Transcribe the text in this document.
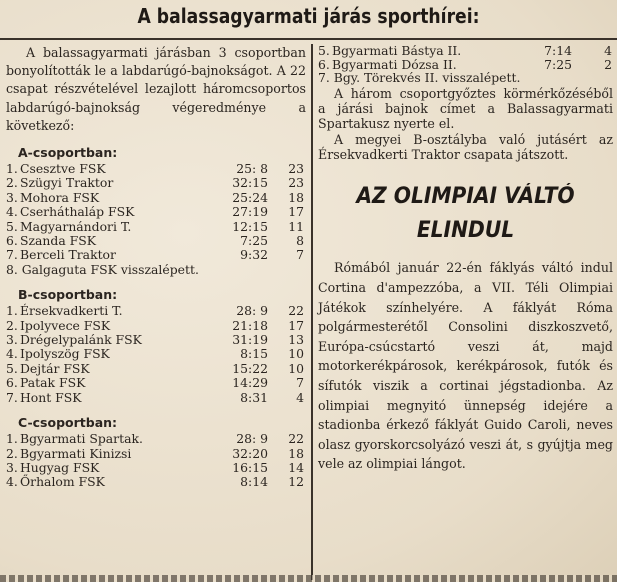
A balassagyarmati járás sporthírei:

A balassagyarmati járásban 3 csoportban bonyolították le a labdarúgó-bajnokságot. A 22 csapat részvételével lezajlott háromcsoportos labdarúgó-bajnokság végeredménye a következő:

A-csoportban:
1.	Csesztve FSK	25: 8	23
2.	Szügyi Traktor	32:15	23
3.	Mohora FSK	25:24	18
4.	Cserháthaláp FSK	27:19	17
5.	Magyarnándori T.	12:15	11
6.	Szanda FSK	7:25	8
7.	Berceli Traktor	9:32	7
8. Galgaguta FSK visszalépett.
B-csoportban:
1.	Érsekvadkerti T.	28: 9	22
2.	Ipolyvece FSK	21:18	17
3.	Drégelypalánk FSK	31:19	13
4.	Ipolyszög FSK	8:15	10
5.	Dejtár FSK	15:22	10
6.	Patak FSK	14:29	7
7.	Hont FSK	8:31	4
C-csoportban:
1.	Bgyarmati Spartak.	28: 9	22
2.	Bgyarmati Kinizsi	32:20	18
3.	Hugyag FSK	16:15	14
4.	Őrhalom FSK	8:14	12
5.	Bgyarmati Bástya II.	7:14	4
6.	Bgyarmati Dózsa II.	7:25	2
7. Bgy. Törekvés II. visszalépett.

A három csoportgyőztes körmérkőzéséből a járási bajnok címet a Balassagyarmati Spartakusz nyerte el.

A megyei B-osztályba való jutásért az Érsekvadkerti Traktor csapata játszott.

AZ OLIMPIAI VÁLTÓ
ELINDUL

Rómából január 22-én fáklyás váltó indul Cortina d'ampezzóba, a VII. Téli Olimpiai Játékok színhelyére. A fáklyát Róma polgármesterétől Consolini diszkoszvető, Európa-csúcstartó veszi át, majd motorkerékpárosok, kerékpárosok, futók és sífutók viszik a cortinai jégstadionba. Az olimpiai megnyitó ünnepség idejére a stadionba érkező fáklyát Guido Caroli, neves olasz gyorskorcsolyázó veszi át, s gyújtja meg vele az olimpiai lángot.
